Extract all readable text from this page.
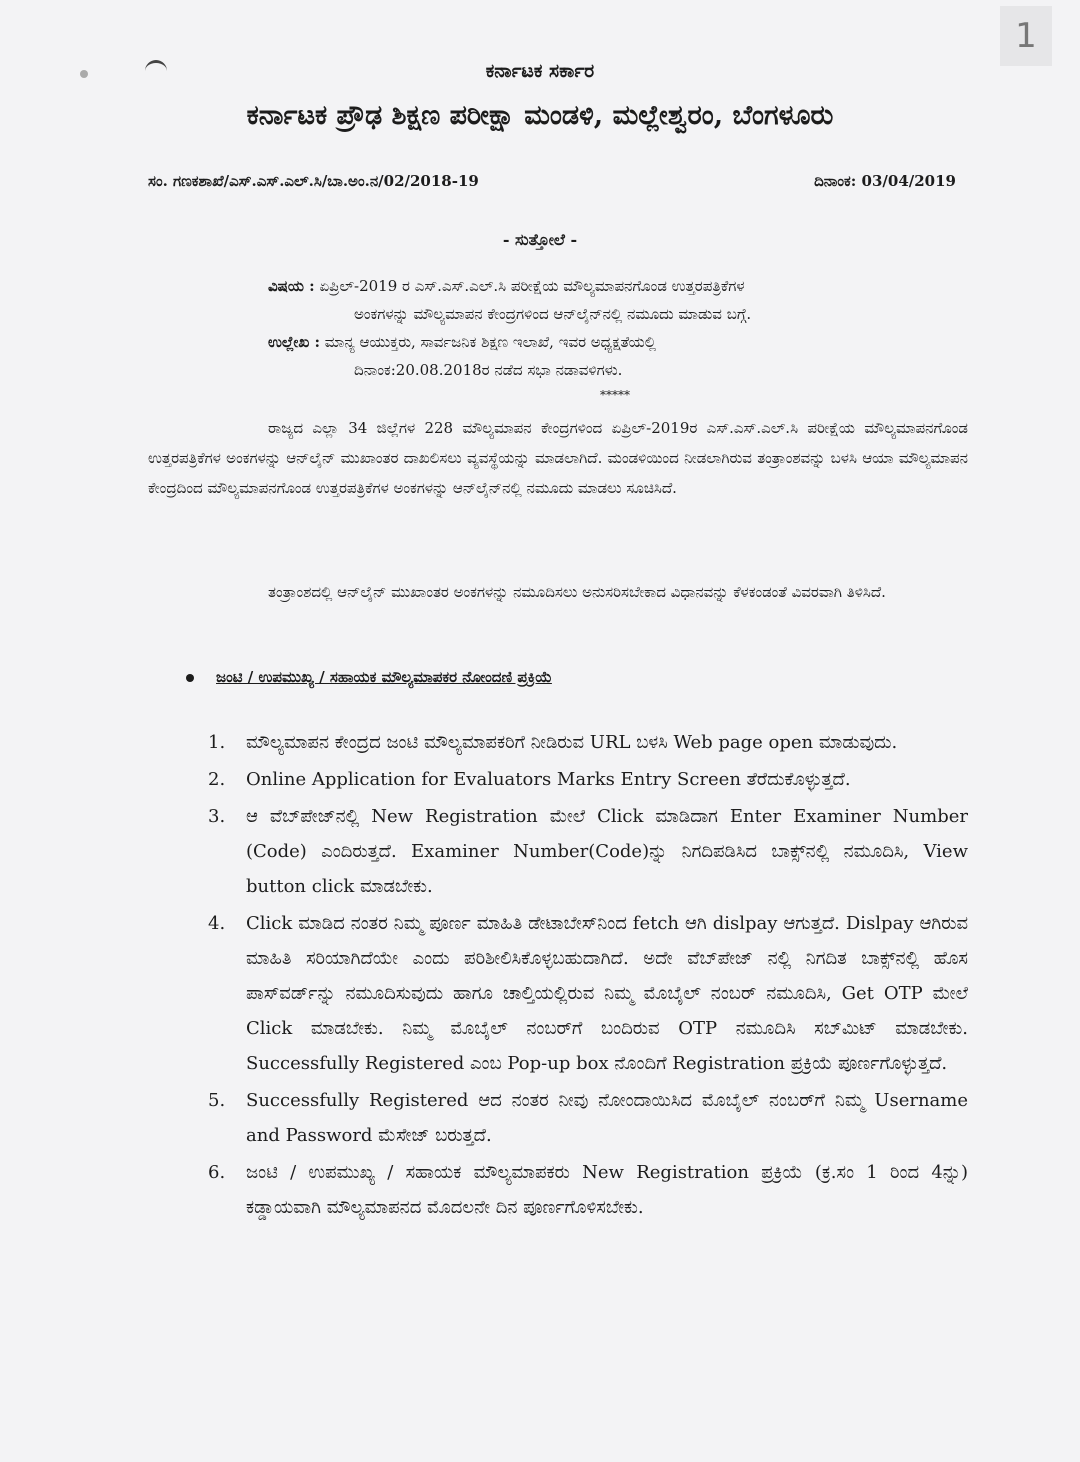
1
ಕರ್ನಾಟಕ ಸರ್ಕಾರ
ಕರ್ನಾಟಕ ಪ್ರೌಢ ಶಿಕ್ಷಣ ಪರೀಕ್ಷಾ ಮಂಡಳಿ, ಮಲ್ಲೇಶ್ವರಂ, ಬೆಂಗಳೂರು
ಸಂ. ಗಣಕಶಾಖೆ/ಎಸ್.ಎಸ್.ಎಲ್.ಸಿ/ಬಾ.ಅಂ.ನ/02/2018-19	ದಿನಾಂಕ: 03/04/2019
- ಸುತ್ತೋಲೆ -
ವಿಷಯ : ಏಪ್ರಿಲ್-2019 ರ ಎಸ್.ಎಸ್.ಎಲ್.ಸಿ ಪರೀಕ್ಷೆಯ ಮೌಲ್ಯಮಾಪನಗೊಂಡ ಉತ್ತರಪತ್ರಿಕೆಗಳ
ಅಂಕಗಳನ್ನು ಮೌಲ್ಯಮಾಪನ ಕೇಂದ್ರಗಳಿಂದ ಆನ್‌ಲೈನ್‌ನಲ್ಲಿ ನಮೂದು ಮಾಡುವ ಬಗ್ಗೆ.
ಉಲ್ಲೇಖ : ಮಾನ್ಯ ಆಯುಕ್ತರು, ಸಾರ್ವಜನಿಕ ಶಿಕ್ಷಣ ಇಲಾಖೆ, ಇವರ ಅಧ್ಯಕ್ಷತೆಯಲ್ಲಿ
ದಿನಾಂಕ:20.08.2018ರ ನಡೆದ ಸಭಾ ನಡಾವಳಿಗಳು.
*****
ರಾಜ್ಯದ ಎಲ್ಲಾ 34 ಜಿಲ್ಲೆಗಳ 228 ಮೌಲ್ಯಮಾಪನ ಕೇಂದ್ರಗಳಿಂದ ಏಪ್ರಿಲ್-2019ರ ಎಸ್.ಎಸ್.ಎಲ್.ಸಿ ಪರೀಕ್ಷೆಯ ಮೌಲ್ಯಮಾಪನಗೊಂಡ ಉತ್ತರಪತ್ರಿಕೆಗಳ ಅಂಕಗಳನ್ನು ಆನ್‌ಲೈನ್ ಮುಖಾಂತರ ದಾಖಲಿಸಲು ವ್ಯವಸ್ಥೆಯನ್ನು ಮಾಡಲಾಗಿದೆ. ಮಂಡಳಿಯಿಂದ ನೀಡಲಾಗಿರುವ ತಂತ್ರಾಂಶವನ್ನು ಬಳಸಿ ಆಯಾ ಮೌಲ್ಯಮಾಪನ ಕೇಂದ್ರದಿಂದ ಮೌಲ್ಯಮಾಪನಗೊಂಡ ಉತ್ತರಪತ್ರಿಕೆಗಳ ಅಂಕಗಳನ್ನು ಆನ್‌ಲೈನ್‌ನಲ್ಲಿ ನಮೂದು ಮಾಡಲು ಸೂಚಿಸಿದೆ.
ತಂತ್ರಾಂಶದಲ್ಲಿ ಆನ್‌ಲೈನ್ ಮುಖಾಂತರ ಅಂಕಗಳನ್ನು ನಮೂದಿಸಲು ಅನುಸರಿಸಬೇಕಾದ ವಿಧಾನವನ್ನು ಕೆಳಕಂಡಂತೆ ವಿವರವಾಗಿ ತಿಳಿಸಿದೆ.
ಜಂಟಿ / ಉಪಮುಖ್ಯ / ಸಹಾಯಕ ಮೌಲ್ಯಮಾಪಕರ ನೋಂದಣಿ ಪ್ರಕ್ರಿಯೆ
1.	ಮೌಲ್ಯಮಾಪನ ಕೇಂದ್ರದ ಜಂಟಿ ಮೌಲ್ಯಮಾಪಕರಿಗೆ ನೀಡಿರುವ URL ಬಳಸಿ Web page open ಮಾಡುವುದು.
2.	Online Application for Evaluators Marks Entry Screen ತೆರೆದುಕೊಳ್ಳುತ್ತದೆ.
3.	ಆ ವೆಬ್‌ಪೇಜ್‌ನಲ್ಲಿ New Registration ಮೇಲೆ Click ಮಾಡಿದಾಗ Enter Examiner Number (Code) ಎಂದಿರುತ್ತದೆ. Examiner Number(Code)ನ್ನು ನಿಗದಿಪಡಿಸಿದ ಬಾಕ್ಸ್‌ನಲ್ಲಿ ನಮೂದಿಸಿ, View button click ಮಾಡಬೇಕು.
4.	Click ಮಾಡಿದ ನಂತರ ನಿಮ್ಮ ಪೂರ್ಣ ಮಾಹಿತಿ ಡೇಟಾಬೇಸ್‌ನಿಂದ fetch ಆಗಿ dislpay ಆಗುತ್ತದೆ. Dislpay ಆಗಿರುವ ಮಾಹಿತಿ ಸರಿಯಾಗಿದೆಯೇ ಎಂದು ಪರಿಶೀಲಿಸಿಕೊಳ್ಳಬಹುದಾಗಿದೆ. ಅದೇ ವೆಬ್‌ಪೇಜ್ ನಲ್ಲಿ ನಿಗದಿತ ಬಾಕ್ಸ್‌ನಲ್ಲಿ ಹೊಸ ಪಾಸ್‌ವರ್ಡ್‌ನ್ನು ನಮೂದಿಸುವುದು ಹಾಗೂ ಚಾಲ್ತಿಯಲ್ಲಿರುವ ನಿಮ್ಮ ಮೊಬೈಲ್ ನಂಬರ್ ನಮೂದಿಸಿ, Get OTP ಮೇಲೆ Click ಮಾಡಬೇಕು. ನಿಮ್ಮ ಮೊಬೈಲ್ ನಂಬರ್‌ಗೆ ಬಂದಿರುವ OTP ನಮೂದಿಸಿ ಸಬ್‌ಮಿಟ್ ಮಾಡಬೇಕು. Successfully Registered ಎಂಬ Pop-up box ನೊಂದಿಗೆ Registration ಪ್ರಕ್ರಿಯೆ ಪೂರ್ಣಗೊಳ್ಳುತ್ತದೆ.
5.	Successfully Registered ಆದ ನಂತರ ನೀವು ನೋಂದಾಯಿಸಿದ ಮೊಬೈಲ್ ನಂಬರ್‌ಗೆ ನಿಮ್ಮ Username and Password ಮೆಸೇಜ್ ಬರುತ್ತದೆ.
6.	ಜಂಟಿ / ಉಪಮುಖ್ಯ / ಸಹಾಯಕ ಮೌಲ್ಯಮಾಪಕರು New Registration ಪ್ರಕ್ರಿಯೆ (ಕ್ರ.ಸಂ 1 ರಿಂದ 4ನ್ನು) ಕಡ್ಡಾಯವಾಗಿ ಮೌಲ್ಯಮಾಪನದ ಮೊದಲನೇ ದಿನ ಪೂರ್ಣಗೊಳಿಸಬೇಕು.
